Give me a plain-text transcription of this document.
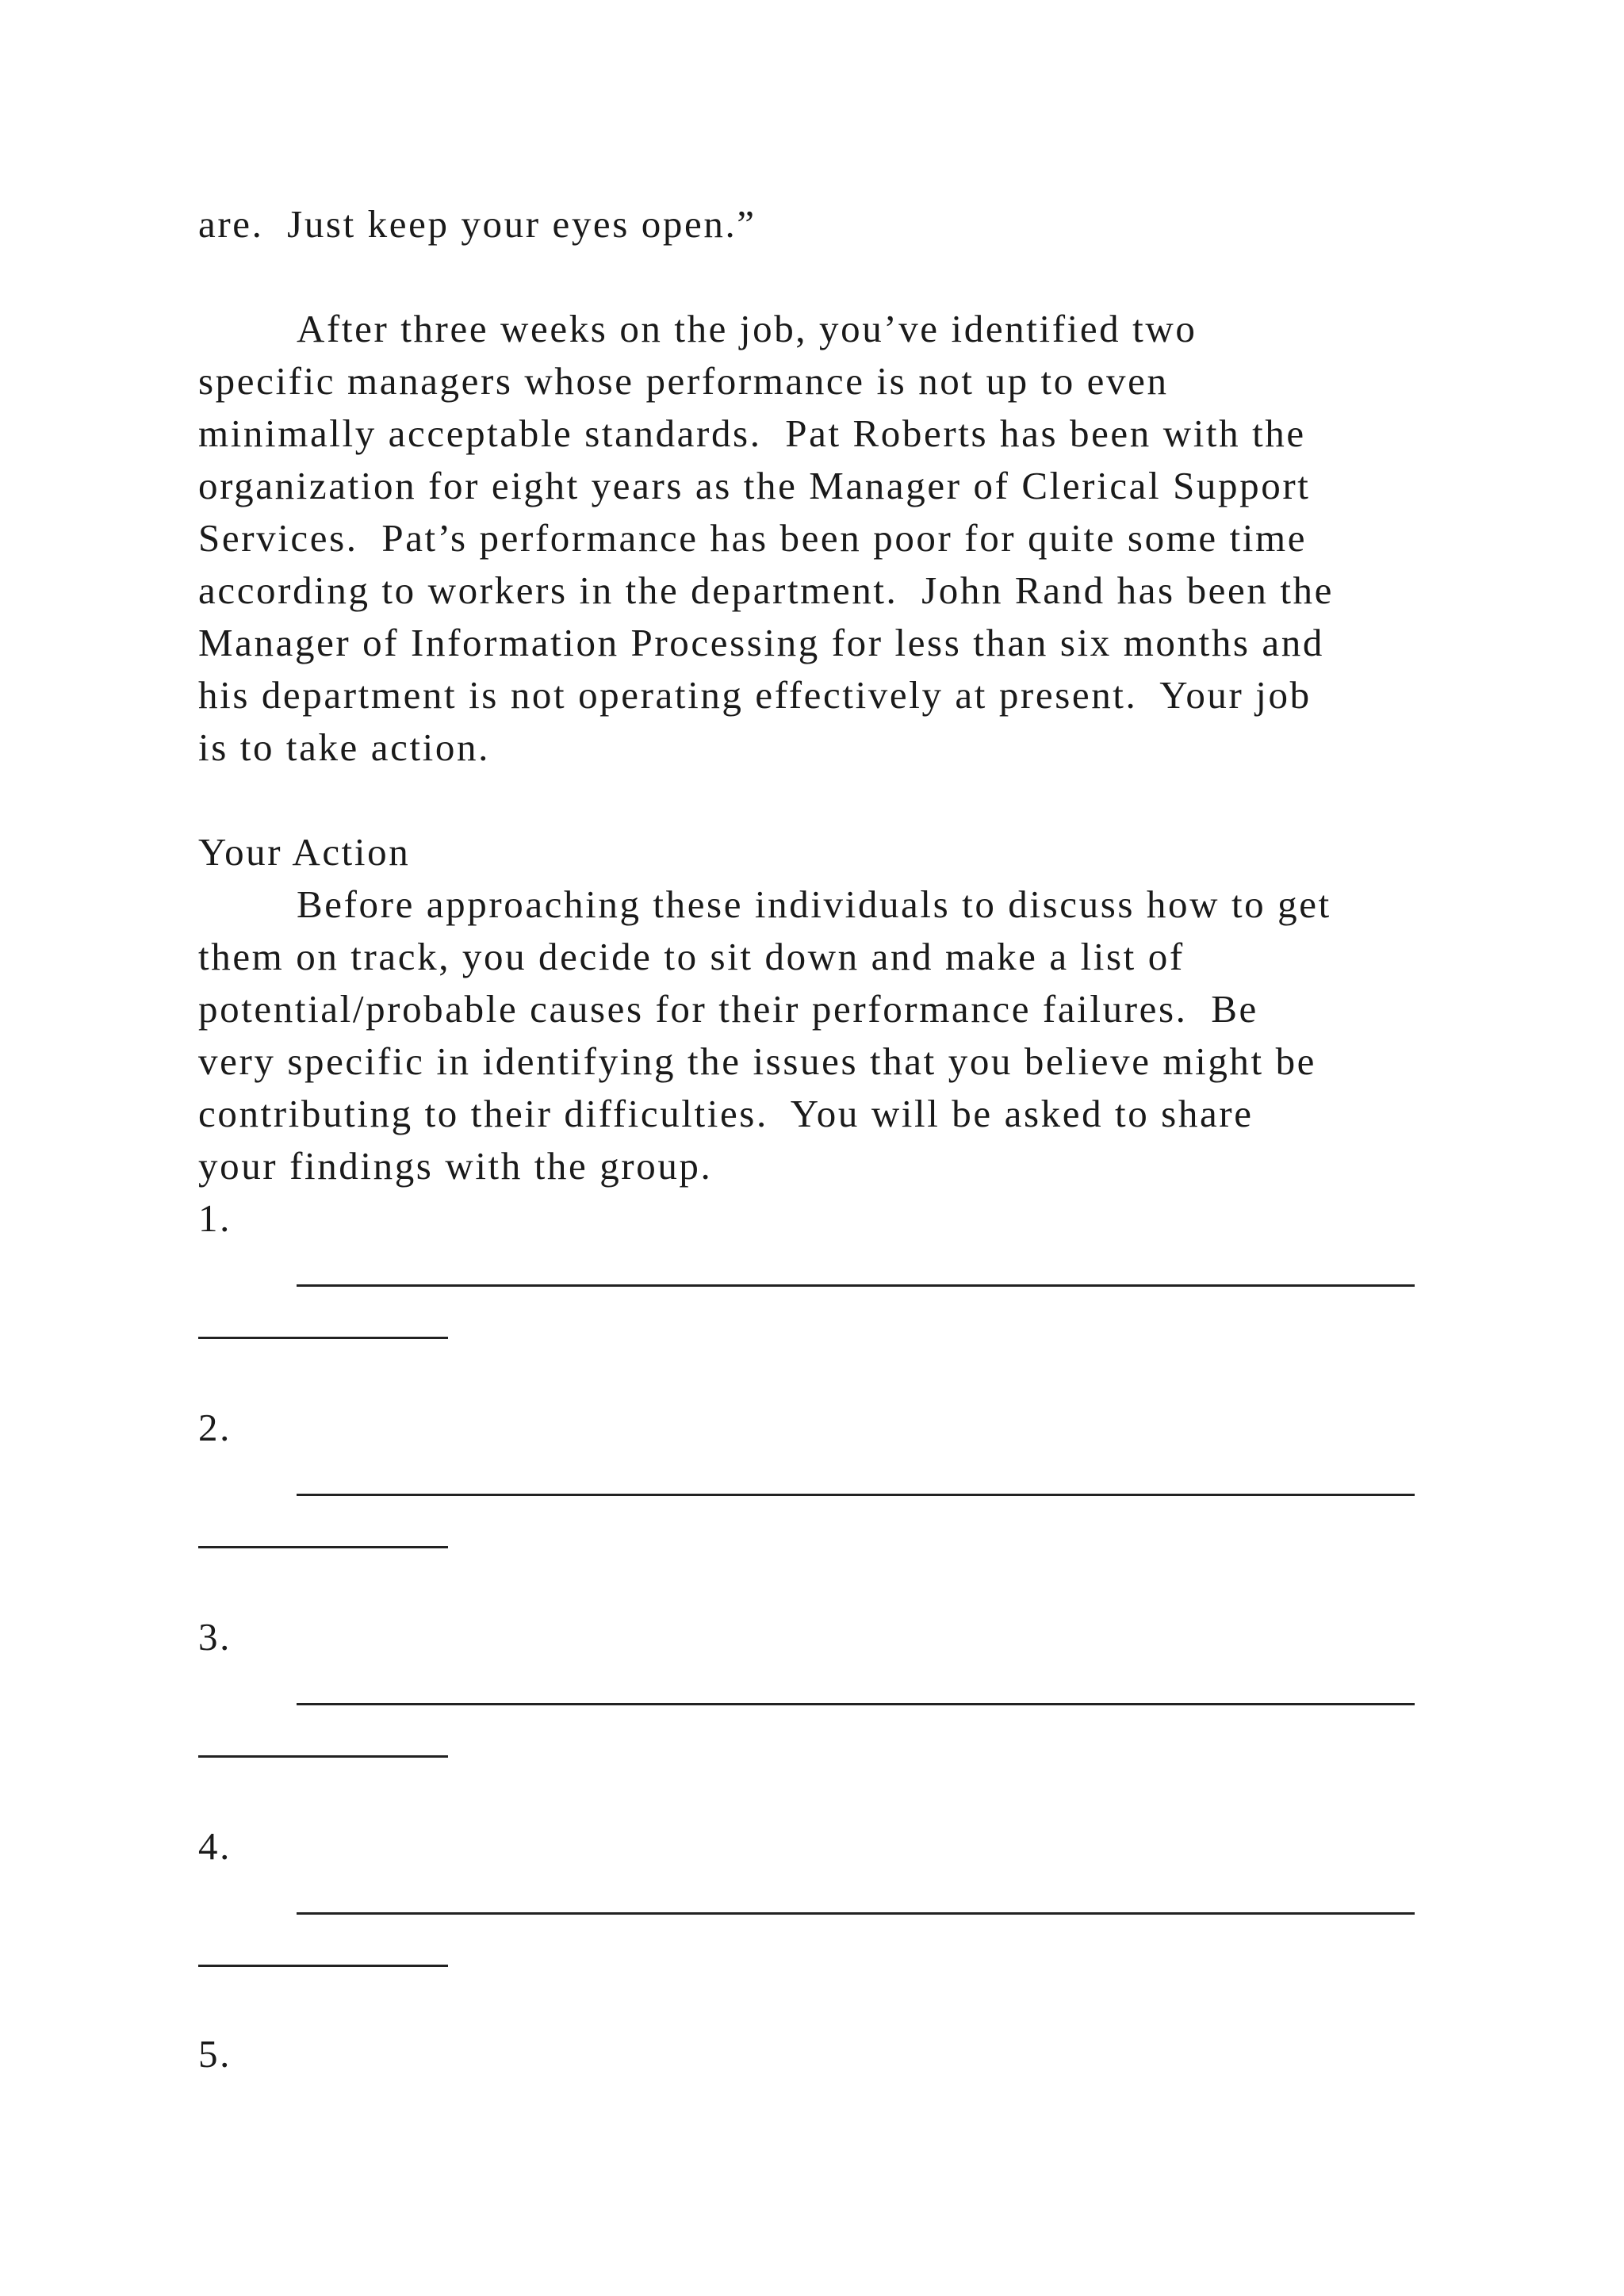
are.  Just keep your eyes open.”
After three weeks on the job, you’ve identified two
specific managers whose performance is not up to even
minimally acceptable standards.  Pat Roberts has been with the
organization for eight years as the Manager of Clerical Support
Services.  Pat’s performance has been poor for quite some time
according to workers in the department.  John Rand has been the
Manager of Information Processing for less than six months and
his department is not operating effectively at present.  Your job
is to take action.
Your Action
Before approaching these individuals to discuss how to get
them on track, you decide to sit down and make a list of
potential/probable causes for their performance failures.  Be
very specific in identifying the issues that you believe might be
contributing to their difficulties.  You will be asked to share
your findings with the group.
1.
2.
3.
4.
5.
